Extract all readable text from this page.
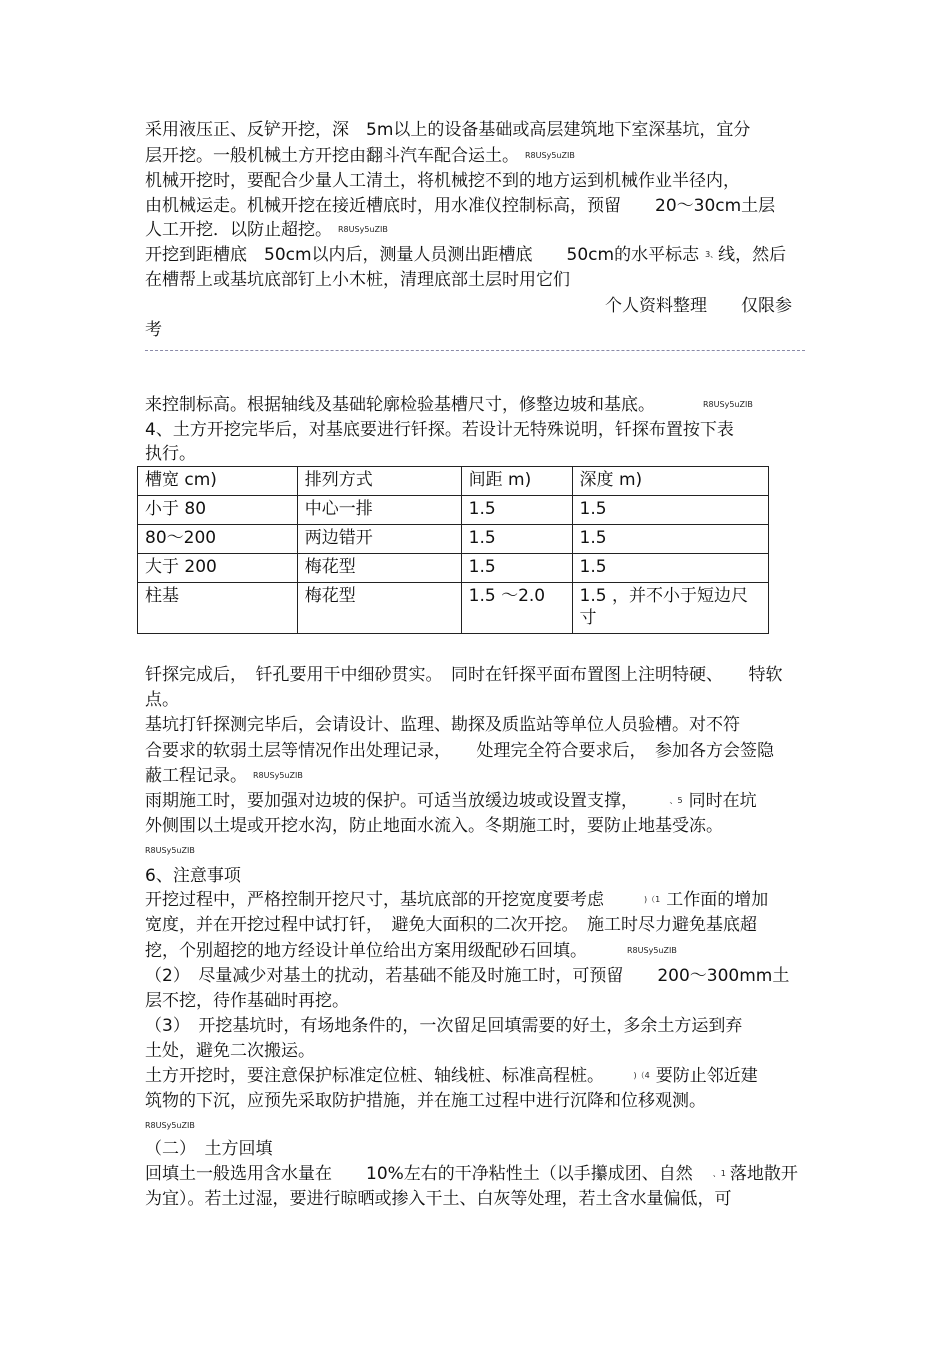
采用液压正、反铲开挖，深　5m以上的设备基础或高层建筑地下室深基坑，宜分
层开挖。一般机械土方开挖由翻斗汽车配合运土。 R8USy5uZIB
机械开挖时，要配合少量人工清土，将机械挖不到的地方运到机械作业半径内，
由机械运走。机械开挖在接近槽底时，用水准仪控制标高，预留　　20～30cm土层
人工开挖．以防止超挖。 R8USy5uZIB
开挖到距槽底　50cm以内后，测量人员测出距槽底　　50cm的水平标志 3、线，然后
在槽帮上或基坑底部钉上小木桩，清理底部土层时用它们
个人资料整理　　仅限参
考
来控制标高。根据轴线及基础轮廓检验基槽尺寸，修整边坡和基底。	R8USy5uZIB
4、土方开挖完毕后，对基底要进行钎探。若设计无特殊说明，钎探布置按下表
执行。
槽宽 cm)	排列方式	间距 m)	深度 m)
小于 80	中心一排	1.5	1.5
80～200	两边错开	1.5	1.5
大于 200	梅花型	1.5	1.5
柱基	梅花型	1.5 ～2.0	1.5 ，并不小于短边尺寸
钎探完成后，　钎孔要用干中细砂贯实。　同时在钎探平面布置图上注明特硬、　　特软
点。
基坑打钎探测完毕后，会请设计、监理、勘探及质监站等单位人员验槽。对不符
合要求的软弱土层等情况作出处理记录，　　处理完全符合要求后，　参加各方会签隐
蔽工程记录。 R8USy5uZIB
雨期施工时，要加强对边坡的保护。可适当放缓边坡或设置支撑，	、5 同时在坑
外侧围以土堤或开挖水沟，防止地面水流入。冬期施工时，要防止地基受冻。
R8USy5uZIB
6、注意事项
开挖过程中，严格控制开挖尺寸，基坑底部的开挖宽度要考虑	)（1 工作面的增加
宽度，并在开挖过程中试打钎，　避免大面积的二次开挖。　施工时尽力避免基底超
挖，个别超挖的地方经设计单位给出方案用级配砂石回填。	R8USy5uZIB
（2）　尽量减少对基土的扰动，若基础不能及时施工时，可预留　　200～300mm土
层不挖，待作基础时再挖。
（3）　开挖基坑时，有场地条件的，一次留足回填需要的好土，多余土方运到弃
土处，避免二次搬运。
土方开挖时，要注意保护标准定位桩、轴线桩、标准高程桩。	)（4 要防止邻近建
筑物的下沉，应预先采取防护措施，并在施工过程中进行沉降和位移观测。
R8USy5uZIB
（二）　土方回填
回填土一般选用含水量在　　10%左右的干净粘性土（以手攥成团、自然	、1 落地散开
为宜）。若土过湿，要进行晾晒或掺入干土、白灰等处理，若土含水量偏低，可
